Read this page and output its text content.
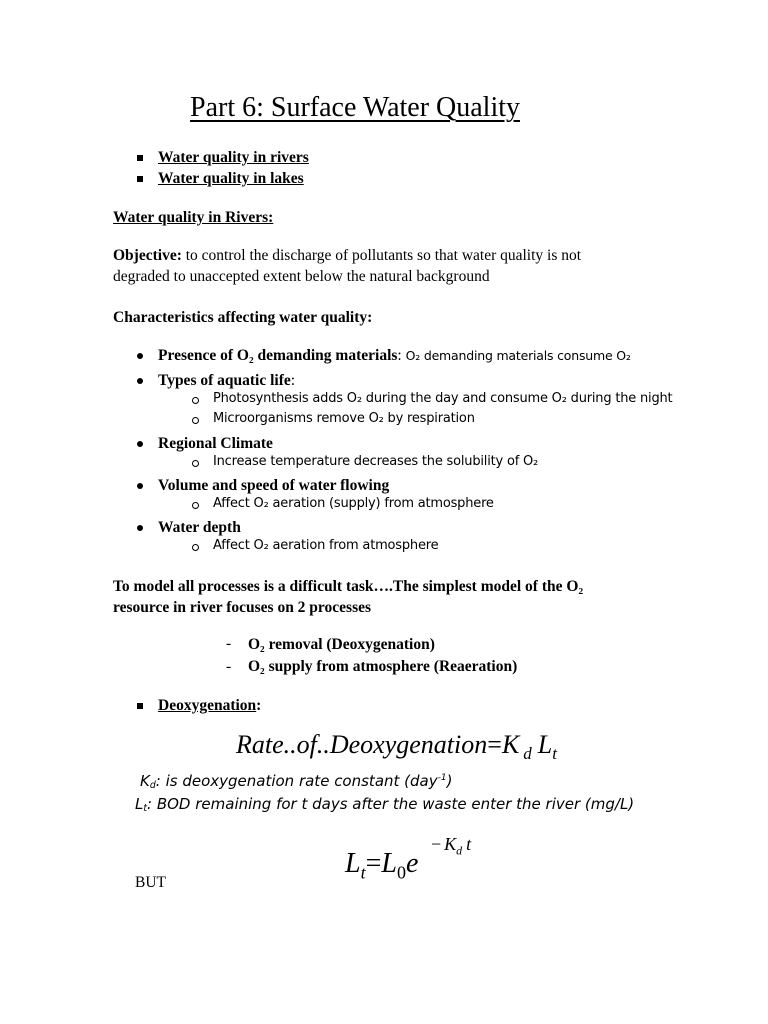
Part 6: Surface Water Quality
Water quality in rivers
Water quality in lakes
Water quality in Rivers:
Objective: to control the discharge of pollutants so that water quality is not
degraded to unaccepted extent below the natural background
Characteristics affecting water quality:
Presence of O₂ demanding materials: O₂ demanding materials consume O₂
Types of aquatic life:
Photosynthesis adds O₂ during the day and consume O₂ during the night
Microorganisms remove O₂ by respiration
Regional Climate
Increase temperature decreases the solubility of O₂
Volume and speed of water flowing
Affect O₂ aeration (supply) from atmosphere
Water depth
Affect O₂ aeration from atmosphere
To model all processes is a difficult task….The simplest model of the O₂
resource in river focuses on 2 processes
- O₂ removal (Deoxygenation)
- O₂ supply from atmosphere (Reaeration)
Deoxygenation:
Rate..of..Deoxygenation=K $_d$ $L_t$
$K_d$: is deoxygenation rate constant (day$^{-1}$)
$L_t$: BOD remaining for t days after the waste enter the river (mg/L)
$L_t=L_0e$
− $K_d$ t
BUT
